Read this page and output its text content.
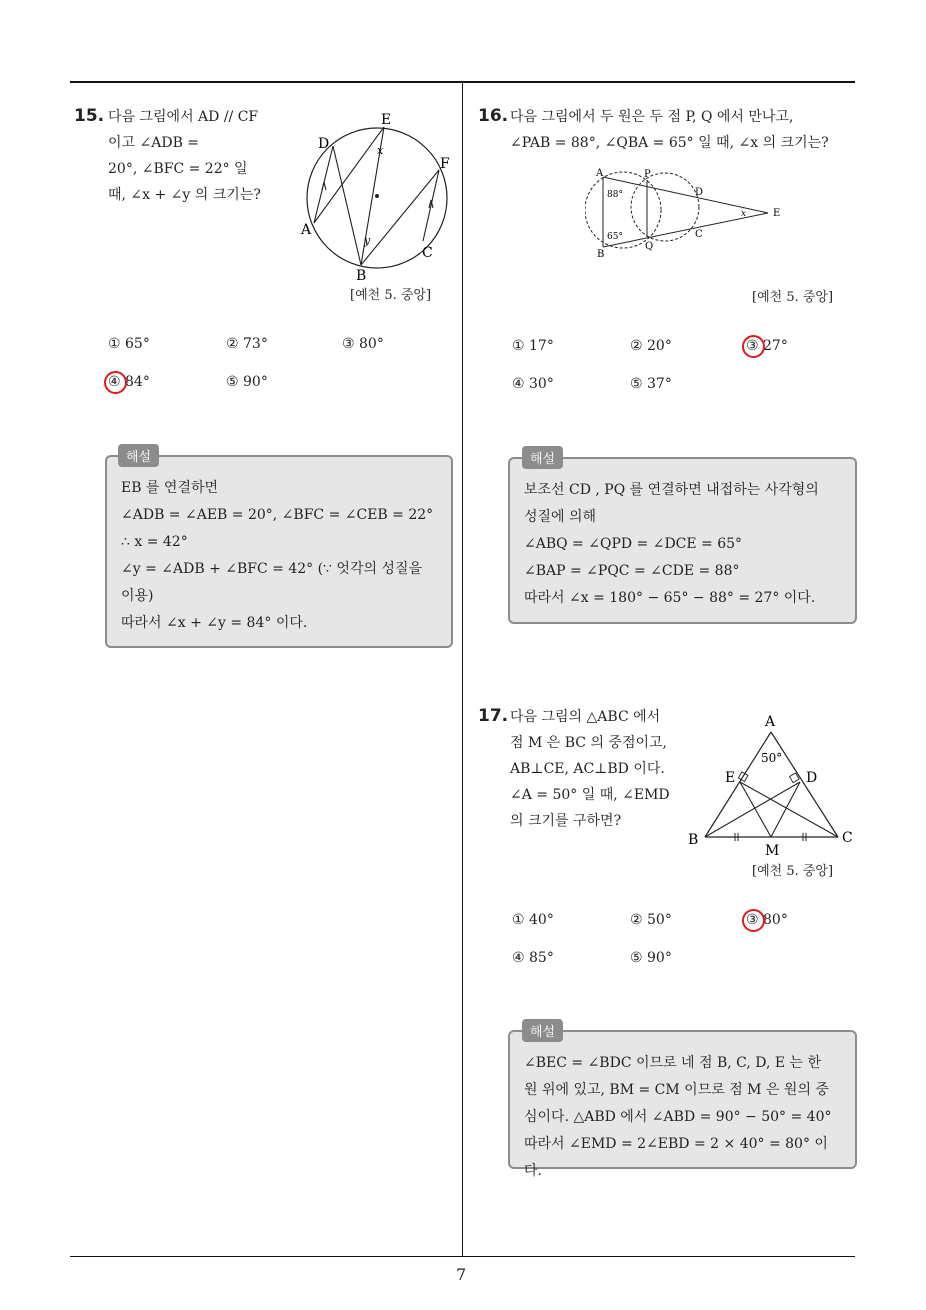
7
15. 다음 그림에서 AD // CF
이고 ∠ADB =
20°, ∠BFC = 22° 일
때, ∠x + ∠y 의 크기는?
E
D
F
A
B
C
x
y
[예천 5. 중앙]
① 65°	② 73°	③ 80°
④ 84°	⑤ 90°
EB 를 연결하면
∠ADB = ∠AEB = 20°, ∠BFC = ∠CEB = 22°
∴ x = 42°
∠y = ∠ADB + ∠BFC = 42° (∵ 엇각의 성질을
이용)
따라서 ∠x + ∠y = 84° 이다.
해설
16. 다음 그림에서 두 원은 두 점 P, Q 에서 만나고,
∠PAB = 88°, ∠QBA = 65° 일 때, ∠x 의 크기는?
A	P
D
B
Q
C
E
x
88°
65°
[예천 5. 중앙]
① 17°	② 20°	③ 27°
④ 30°	⑤ 37°
보조선 CD , PQ 를 연결하면 내접하는 사각형의
성질에 의해
∠ABQ = ∠QPD = ∠DCE = 65°
∠BAP = ∠PQC = ∠CDE = 88°
따라서 ∠x = 180° − 65° − 88° = 27° 이다.
해설
17. 다음 그림의 △ABC 에서
점 M 은 BC 의 중점이고,
AB⊥CE, AC⊥BD 이다.
∠A = 50° 일 때, ∠EMD
의 크기를 구하면?
A
50°
E	D
B
M
C
[예천 5. 중앙]
① 40°	② 50°	③ 80°
④ 85°	⑤ 90°
∠BEC = ∠BDC 이므로 네 점 B, C, D, E 는 한
원 위에 있고, BM = CM 이므로 점 M 은 원의 중
심이다. △ABD 에서 ∠ABD = 90° − 50° = 40°
따라서 ∠EMD = 2∠EBD = 2 × 40° = 80° 이다.
해설
